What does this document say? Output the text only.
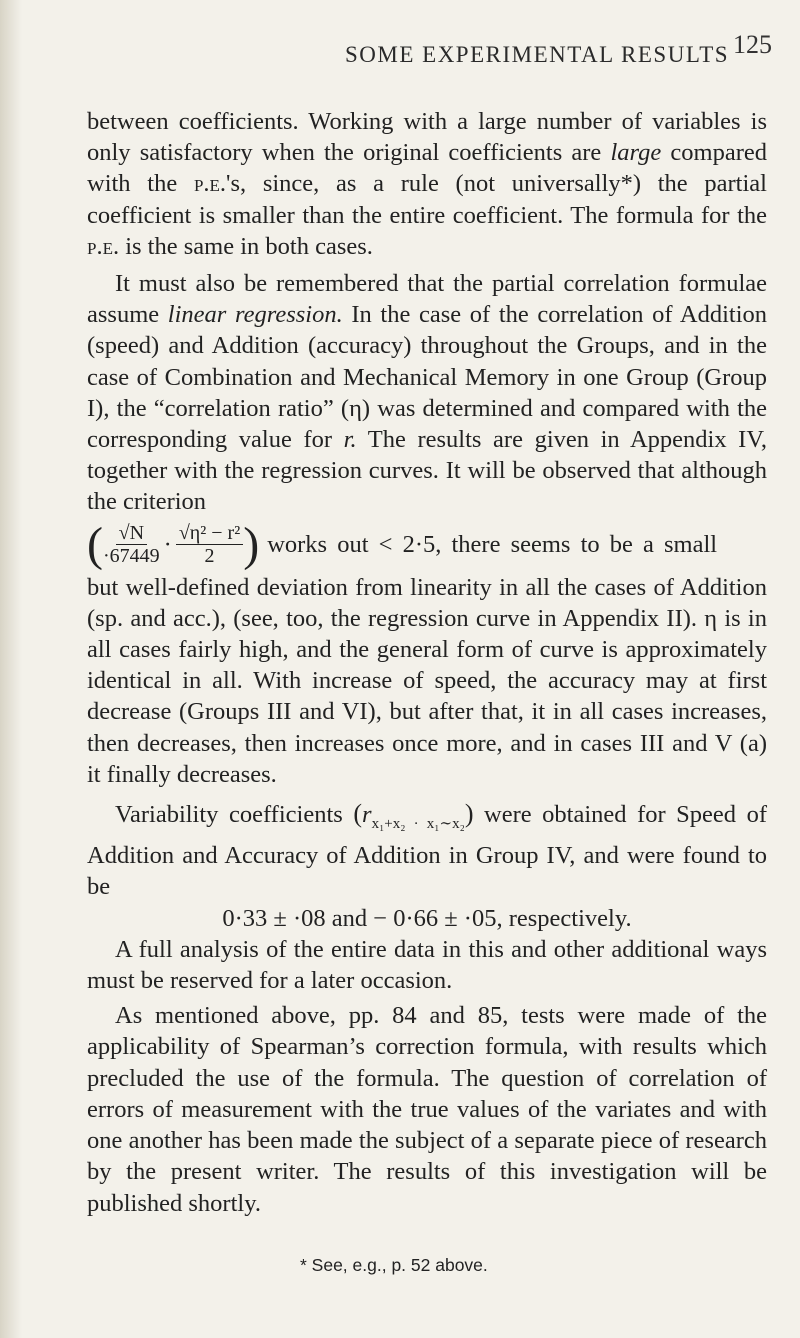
SOME EXPERIMENTAL RESULTS 125

between coefficients. Working with a large number of variables is only satisfactory when the original coefficients are large compared with the p.e.'s, since, as a rule (not universally*) the partial coefficient is smaller than the entire coefficient. The formula for the p.e. is the same in both cases.

It must also be remembered that the partial correlation formulae assume linear regression. In the case of the correlation of Addition (speed) and Addition (accuracy) throughout the Groups, and in the case of Combination and Mechanical Memory in one Group (Group I), the “correlation ratio” (η) was determined and compared with the corresponding value for r. The results are given in Appendix IV, together with the regression curves. It will be observed that although the criterion

( $\frac{√N}{\cdot 67449} \cdot \frac{\text{√η² − r²}}{2}$ ) works out < 2·5, there seems to be a small

but well-defined deviation from linearity in all the cases of Addition (sp. and acc.), (see, too, the regression curve in Appendix II). η is in all cases fairly high, and the general form of curve is approximately identical in all. With increase of speed, the accuracy may at first decrease (Groups III and VI), but after that, it in all cases increases, then decreases, then increases once more, and in cases III and V (a) it finally decreases.

Variability coefficients $(r_{x_1+x_2 \cdot x_1\sim x_2})$ were obtained for Speed of Addition and Accuracy of Addition in Group IV, and were found to be

0·33 ± ·08 and − 0·66 ± ·05, respectively.

A full analysis of the entire data in this and other additional ways must be reserved for a later occasion.

As mentioned above, pp. 84 and 85, tests were made of the applicability of Spearman’s correction formula, with results which precluded the use of the formula. The question of correlation of errors of measurement with the true values of the variates and with one another has been made the subject of a separate piece of research by the present writer. The results of this investigation will be published shortly.

* See, e.g., p. 52 above.
